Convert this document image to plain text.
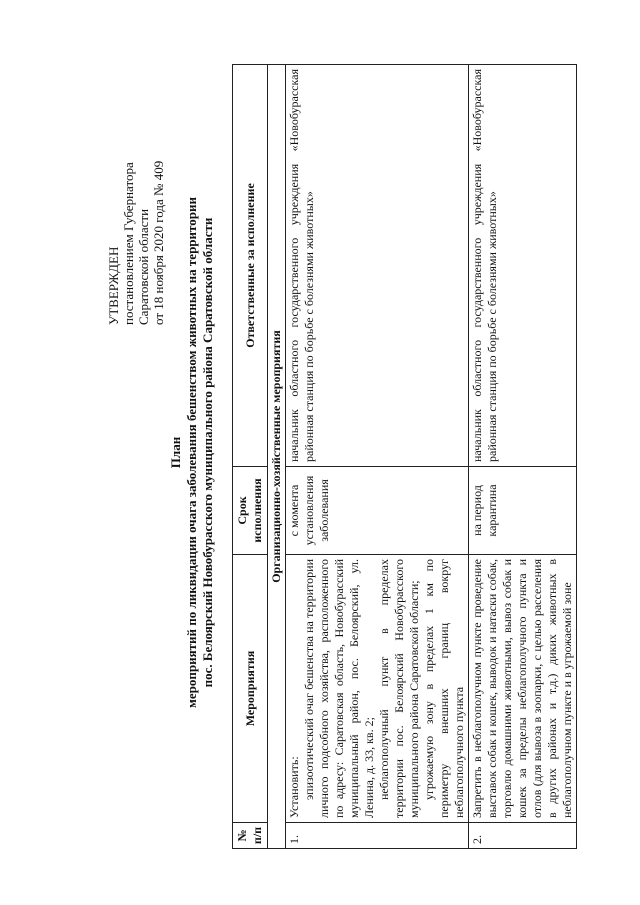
УТВЕРЖДЕН постановлением Губернатора Саратовской области от 18 ноября 2020 года № 409
План мероприятий по ликвидации очага заболевания бешенством животных на территории пос. Белоярский Новобурасского муниципального района Саратовской области
№ п/п	Мероприятия	Срок исполнения	Ответственные за исполнение
Организационно-хозяйственные мероприятия			
1.	Установить: эпизоотический очаг бешенства на территории личного подсобного хозяйства, расположенного по адресу: Саратовская область, Новобурасский муниципальный район, пос. Белоярский, ул. Ленина, д. 33, кв. 2; неблагополучный пункт в пределах территории пос. Белоярский Новобурасского муниципального района Саратовской области; угрожаемую зону в пределах 1 км по периметру внешних границ вокруг неблагополучного пункта	с момента установления заболевания	начальник областного государственного учреждения «Новобурасская районная станция по борьбе с болезнями животных»
2.	Запретить в неблагополучном пункте проведение выставок собак и кошек, выводок и натаски собак, торговлю домашними животными, вывоз собак и кошек за пределы неблагополучного пункта и отлов (для вывоза в зоопарки, с целью расселения в других районах и т.д.) диких животных в неблагополучном пункте и в угрожаемой зоне	на период карантина	начальник областного государственного учреждения «Новобурасская районная станция по борьбе с болезнями животных»
